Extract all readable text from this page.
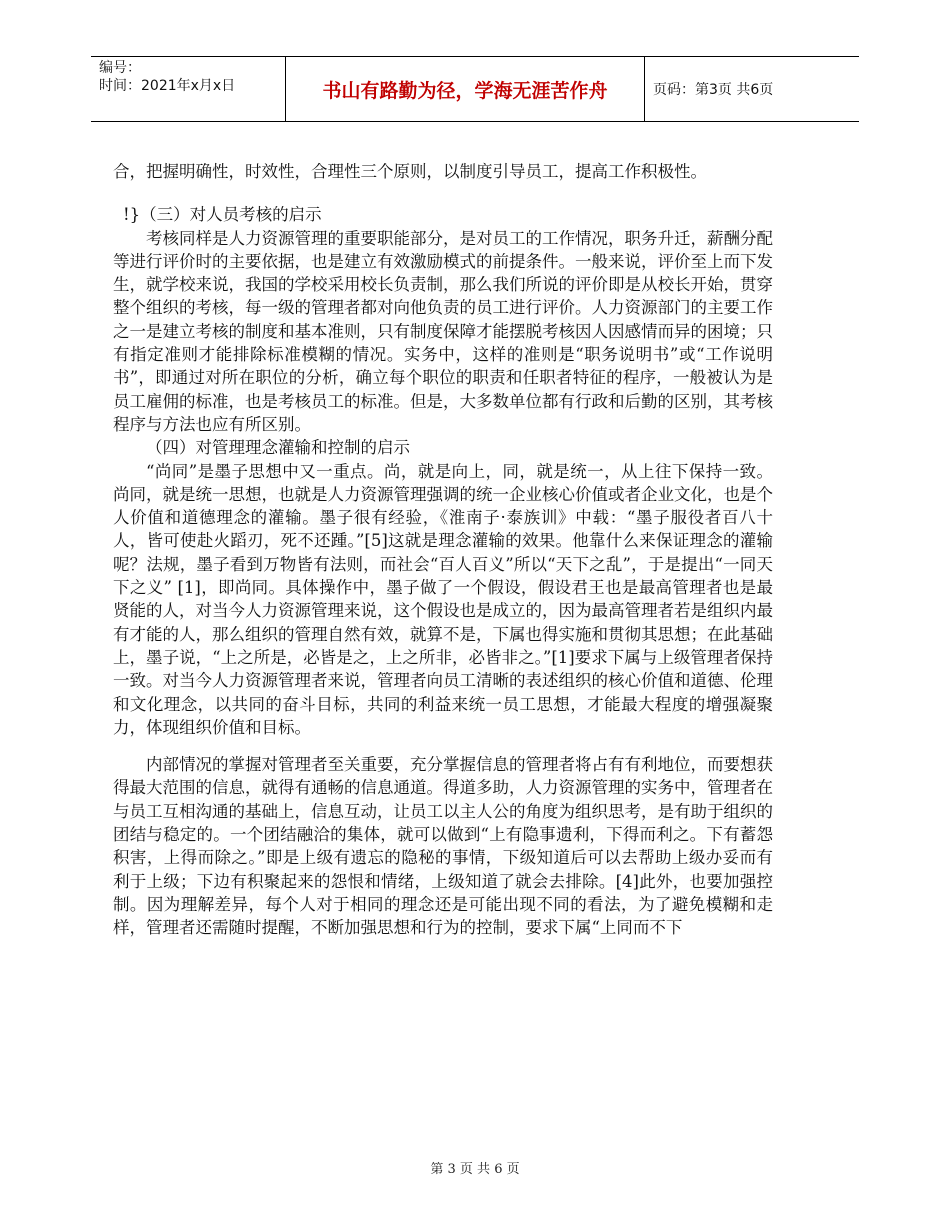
编号：
时间：2021年x月x日	书山有路勤为径，学海无涯苦作舟	页码：第3页 共6页

合，把握明确性，时效性，合理性三个原则，以制度引导员工，提高工作积极性。

!}（三）对人员考核的启示

考核同样是人力资源管理的重要职能部分，是对员工的工作情况，职务升迁，薪酬分配等进行评价时的主要依据，也是建立有效激励模式的前提条件。一般来说，评价至上而下发生，就学校来说，我国的学校采用校长负责制，那么我们所说的评价即是从校长开始，贯穿整个组织的考核，每一级的管理者都对向他负责的员工进行评价。人力资源部门的主要工作之一是建立考核的制度和基本准则，只有制度保障才能摆脱考核因人因感情而异的困境；只有指定准则才能排除标准模糊的情况。实务中，这样的准则是“职务说明书”或“工作说明书”，即通过对所在职位的分析，确立每个职位的职责和任职者特征的程序，一般被认为是员工雇佣的标准，也是考核员工的标准。但是，大多数单位都有行政和后勤的区别，其考核程序与方法也应有所区别。

（四）对管理理念灌输和控制的启示

“尚同”是墨子思想中又一重点。尚，就是向上，同，就是统一，从上往下保持一致。尚同，就是统一思想，也就是人力资源管理强调的统一企业核心价值或者企业文化，也是个人价值和道德理念的灌输。墨子很有经验，《淮南子·泰族训》中载：“墨子服役者百八十人，皆可使赴火蹈刃，死不还踵。”[5]这就是理念灌输的效果。他靠什么来保证理念的灌输呢？法规，墨子看到万物皆有法则，而社会“百人百义”所以“天下之乱”，于是提出“一同天下之义” [1]，即尚同。具体操作中，墨子做了一个假设，假设君王也是最高管理者也是最贤能的人，对当今人力资源管理来说，这个假设也是成立的，因为最高管理者若是组织内最有才能的人，那么组织的管理自然有效，就算不是，下属也得实施和贯彻其思想；在此基础上，墨子说，“上之所是，必皆是之，上之所非，必皆非之。”[1]要求下属与上级管理者保持一致。对当今人力资源管理者来说，管理者向员工清晰的表述组织的核心价值和道德、伦理和文化理念，以共同的奋斗目标，共同的利益来统一员工思想，才能最大程度的增强凝聚力，体现组织价值和目标。

内部情况的掌握对管理者至关重要，充分掌握信息的管理者将占有有利地位，而要想获得最大范围的信息，就得有通畅的信息通道。得道多助，人力资源管理的实务中，管理者在与员工互相沟通的基础上，信息互动，让员工以主人公的角度为组织思考，是有助于组织的团结与稳定的。一个团结融洽的集体，就可以做到“上有隐事遗利，下得而利之。下有蓄怨积害，上得而除之。”即是上级有遗忘的隐秘的事情，下级知道后可以去帮助上级办妥而有利于上级；下边有积聚起来的怨恨和情绪，上级知道了就会去排除。[4]此外，也要加强控制。因为理解差异，每个人对于相同的理念还是可能出现不同的看法，为了避免模糊和走样，管理者还需随时提醒，不断加强思想和行为的控制，要求下属“上同而不下

第 3 页 共 6 页
